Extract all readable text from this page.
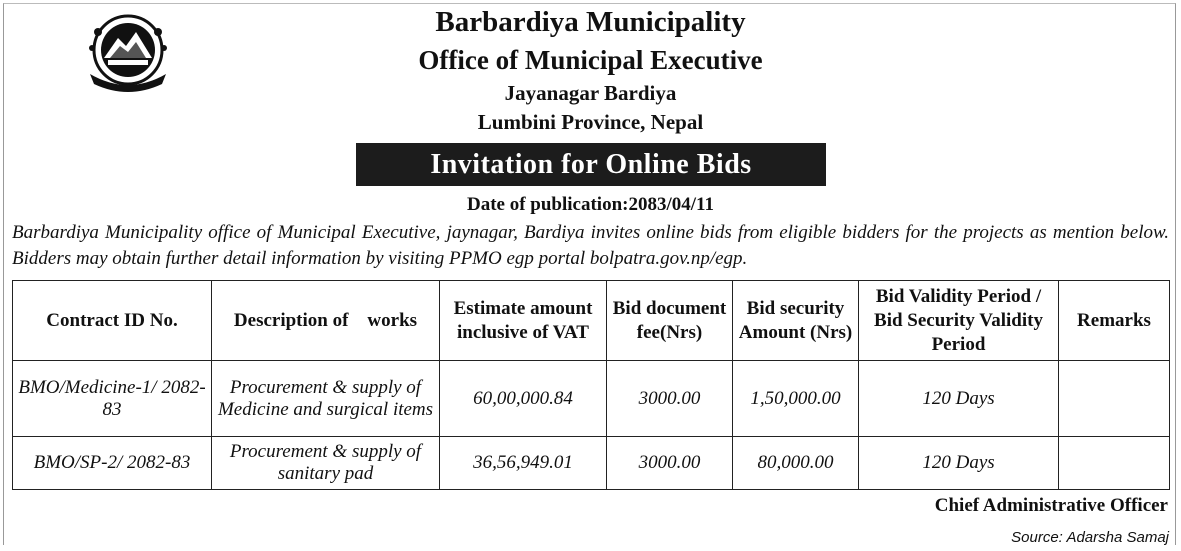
Barbardiya Municipality
Office of Municipal Executive
Jayanagar Bardiya
Lumbini Province, Nepal
Invitation for Online Bids
Date of publication:2083/04/11
Barbardiya Municipality office of Municipal Executive, jaynagar, Bardiya invites online bids from eligible bidders for the projects as mention below. Bidders may obtain further detail information by visiting PPMO egp portal bolpatra.gov.np/egp.
Contract ID No.	Description of    works	Estimate amount inclusive of VAT	Bid document fee(Nrs)	Bid security Amount (Nrs)	Bid Validity Period / Bid Security Validity Period	Remarks
BMO/Medicine-1/ 2082-83	Procurement & supply of Medicine and surgical items	60,00,000.84	3000.00	1,50,000.00	120 Days	
BMO/SP-2/ 2082-83	Procurement & supply of sanitary pad	36,56,949.01	3000.00	80,000.00	120 Days	
Chief Administrative Officer
Source: Adarsha Samaj
